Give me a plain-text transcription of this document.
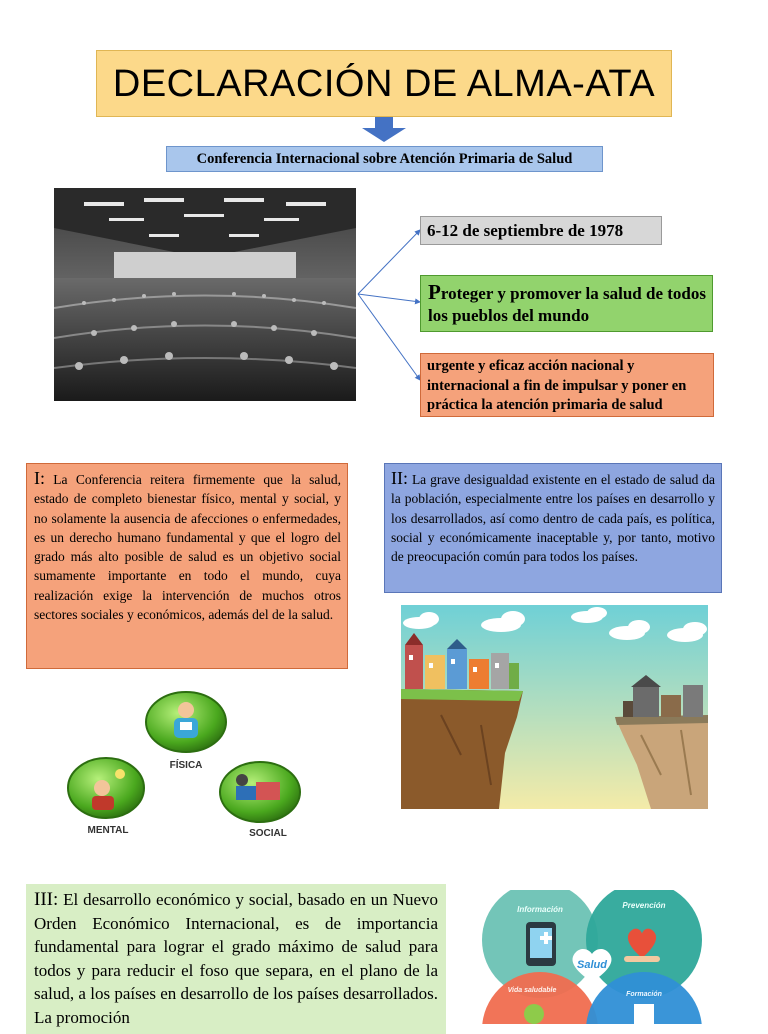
DECLARACIÓN DE ALMA-ATA
Conferencia Internacional sobre Atención Primaria de Salud
6-12 de septiembre de 1978
Proteger y promover la salud de todos los pueblos del mundo
urgente y eficaz acción nacional y internacional a fin de impulsar y poner en práctica la atención primaria de salud
I: La Conferencia reitera firmemente que la salud, estado de completo bienestar físico, mental y social, y no solamente la ausencia de afecciones o enfermedades, es un derecho humano fundamental y que el logro del grado más alto posible de salud es un objetivo social sumamente importante en todo el mundo, cuya realización exige la intervención de muchos otros sectores sociales y económicos, además del de la salud.
II: La grave desigualdad existente en el estado de salud da la población, especialmente entre los países en desarrollo y los desarrollados, así como dentro de cada país, es política, social y económicamente inaceptable y, por tanto, motivo de preocupación común para todos los países.
FÍSICA
MENTAL	SOCIAL
III: El desarrollo económico y social, basado en un Nuevo Orden Económico Internacional, es de importancia fundamental para lograr el grado máximo de salud para todos y para reducir el foso que separa, en el plano de la salud, a los países en desarrollo de los países desarrollados. La promoción
Información	Prevención
Vida saludable
Formación
Salud
